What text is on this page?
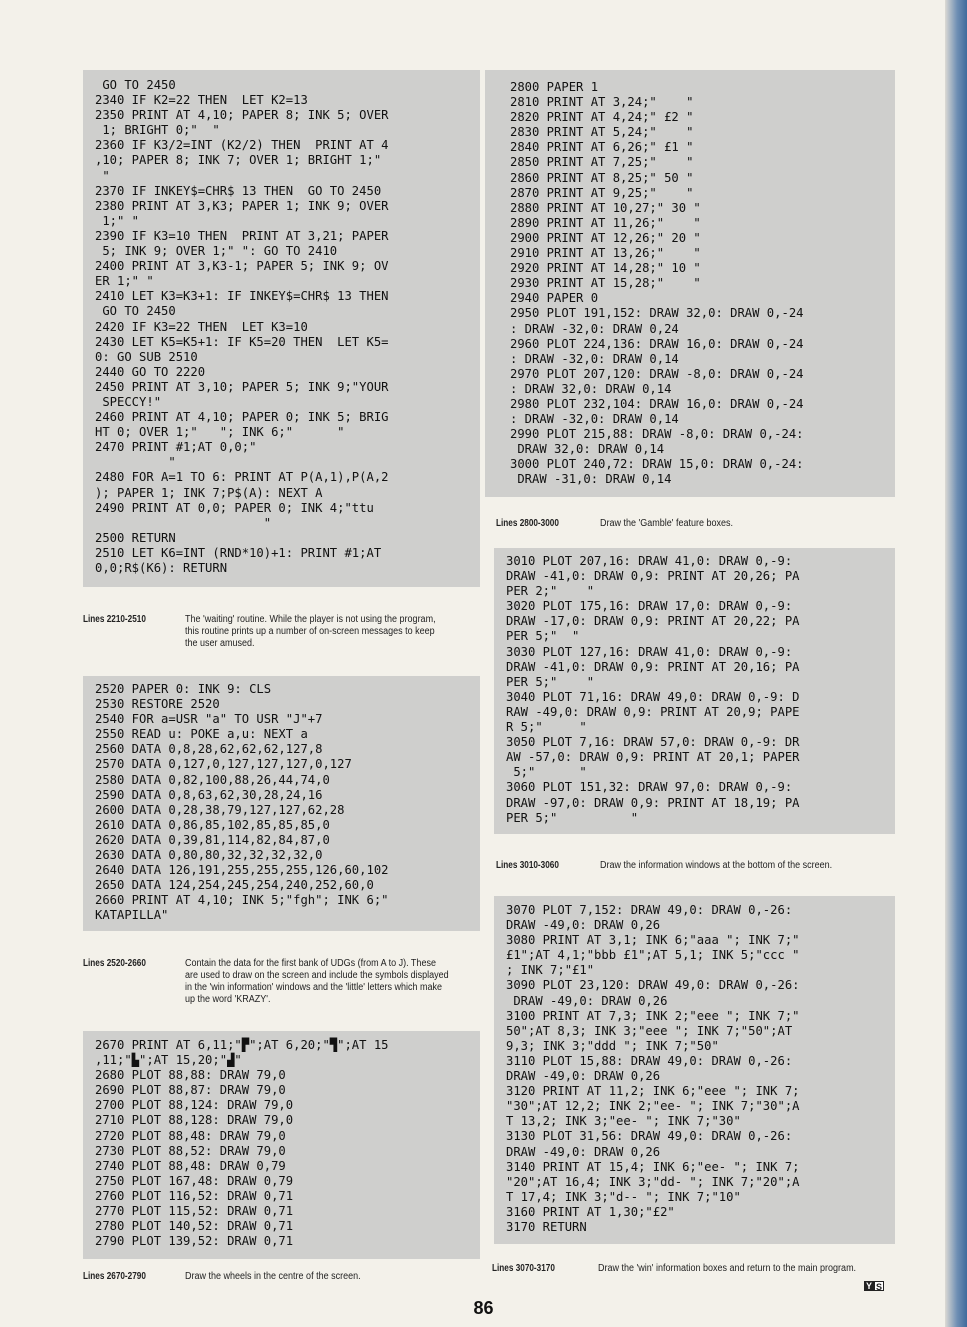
GO TO 2450
2340 IF K2=22 THEN  LET K2=13
2350 PRINT AT 4,10; PAPER 8; INK 5; OVER
1; BRIGHT 0;"  "
2360 IF K3/2=INT (K2/2) THEN  PRINT AT 4
,10; PAPER 8; INK 7; OVER 1; BRIGHT 1;"
"
2370 IF INKEY$=CHR$ 13 THEN  GO TO 2450
2380 PRINT AT 3,K3; PAPER 1; INK 9; OVER
1;" "
2390 IF K3=10 THEN  PRINT AT 3,21; PAPER
5; INK 9; OVER 1;" ": GO TO 2410
2400 PRINT AT 3,K3-1; PAPER 5; INK 9; OV
ER 1;" "
2410 LET K3=K3+1: IF INKEY$=CHR$ 13 THEN
GO TO 2450
2420 IF K3=22 THEN  LET K3=10
2430 LET K5=K5+1: IF K5=20 THEN  LET K5=
0: GO SUB 2510
2440 GO TO 2220
2450 PRINT AT 3,10; PAPER 5; INK 9;"YOUR
SPECCY!"
2460 PRINT AT 4,10; PAPER 0; INK 5; BRIG
HT 0; OVER 1;"   "; INK 6;"      "
2470 PRINT #1;AT 0,0;"
"
2480 FOR A=1 TO 6: PRINT AT P(A,1),P(A,2
); PAPER 1; INK 7;P$(A): NEXT A
2490 PRINT AT 0,0; PAPER 0; INK 4;"ttu
"
2500 RETURN
2510 LET K6=INT (RND*10)+1: PRINT #1;AT
0,0;R$(K6): RETURN
Lines 2210-2510	The 'waiting' routine. While the player is not using the program, this routine prints up a number of on-screen messages to keep the user amused.
2520 PAPER 0: INK 9: CLS
2530 RESTORE 2520
2540 FOR a=USR "a" TO USR "J"+7
2550 READ u: POKE a,u: NEXT a
2560 DATA 0,8,28,62,62,62,127,8
2570 DATA 0,127,0,127,127,127,0,127
2580 DATA 0,82,100,88,26,44,74,0
2590 DATA 0,8,63,62,30,28,24,16
2600 DATA 0,28,38,79,127,127,62,28
2610 DATA 0,86,85,102,85,85,85,0
2620 DATA 0,39,81,114,82,84,87,0
2630 DATA 0,80,80,32,32,32,32,0
2640 DATA 126,191,255,255,255,126,60,102
2650 DATA 124,254,245,254,240,252,60,0
2660 PRINT AT 4,10; INK 5;"fgh"; INK 6;"
KATAPILLA"
Lines 2520-2660	Contain the data for the first bank of UDGs (from A to J). These are used to draw on the screen and include the symbols displayed in the 'win information' windows and the 'little' letters which make up the word 'KRAZY'.
2670 PRINT AT 6,11;"▛";AT 6,20;"▜";AT 15
,11;"▙";AT 15,20;"▟"
2680 PLOT 88,88: DRAW 79,0
2690 PLOT 88,87: DRAW 79,0
2700 PLOT 88,124: DRAW 79,0
2710 PLOT 88,128: DRAW 79,0
2720 PLOT 88,48: DRAW 79,0
2730 PLOT 88,52: DRAW 79,0
2740 PLOT 88,48: DRAW 0,79
2750 PLOT 167,48: DRAW 0,79
2760 PLOT 116,52: DRAW 0,71
2770 PLOT 115,52: DRAW 0,71
2780 PLOT 140,52: DRAW 0,71
2790 PLOT 139,52: DRAW 0,71
Lines 2670-2790	Draw the wheels in the centre of the screen.
2800 PAPER 1
2810 PRINT AT 3,24;"    "
2820 PRINT AT 4,24;" £2 "
2830 PRINT AT 5,24;"    "
2840 PRINT AT 6,26;" £1 "
2850 PRINT AT 7,25;"    "
2860 PRINT AT 8,25;" 50 "
2870 PRINT AT 9,25;"    "
2880 PRINT AT 10,27;" 30 "
2890 PRINT AT 11,26;"    "
2900 PRINT AT 12,26;" 20 "
2910 PRINT AT 13,26;"    "
2920 PRINT AT 14,28;" 10 "
2930 PRINT AT 15,28;"    "
2940 PAPER 0
2950 PLOT 191,152: DRAW 32,0: DRAW 0,-24
: DRAW -32,0: DRAW 0,24
2960 PLOT 224,136: DRAW 16,0: DRAW 0,-24
: DRAW -32,0: DRAW 0,14
2970 PLOT 207,120: DRAW -8,0: DRAW 0,-24
: DRAW 32,0: DRAW 0,14
2980 PLOT 232,104: DRAW 16,0: DRAW 0,-24
: DRAW -32,0: DRAW 0,14
2990 PLOT 215,88: DRAW -8,0: DRAW 0,-24:
DRAW 32,0: DRAW 0,14
3000 PLOT 240,72: DRAW 15,0: DRAW 0,-24:
DRAW -31,0: DRAW 0,14
Lines 2800-3000	Draw the 'Gamble' feature boxes.
3010 PLOT 207,16: DRAW 41,0: DRAW 0,-9:
DRAW -41,0: DRAW 0,9: PRINT AT 20,26; PA
PER 2;"    "
3020 PLOT 175,16: DRAW 17,0: DRAW 0,-9:
DRAW -17,0: DRAW 0,9: PRINT AT 20,22; PA
PER 5;"  "
3030 PLOT 127,16: DRAW 41,0: DRAW 0,-9:
DRAW -41,0: DRAW 0,9: PRINT AT 20,16; PA
PER 5;"    "
3040 PLOT 71,16: DRAW 49,0: DRAW 0,-9: D
RAW -49,0: DRAW 0,9: PRINT AT 20,9; PAPE
R 5;"     "
3050 PLOT 7,16: DRAW 57,0: DRAW 0,-9: DR
AW -57,0: DRAW 0,9: PRINT AT 20,1; PAPER
5;"      "
3060 PLOT 151,32: DRAW 97,0: DRAW 0,-9:
DRAW -97,0: DRAW 0,9: PRINT AT 18,19; PA
PER 5;"          "
Lines 3010-3060	Draw the information windows at the bottom of the screen.
3070 PLOT 7,152: DRAW 49,0: DRAW 0,-26:
DRAW -49,0: DRAW 0,26
3080 PRINT AT 3,1; INK 6;"aaa "; INK 7;"
£1";AT 4,1;"bbb £1";AT 5,1; INK 5;"ccc "
; INK 7;"£1"
3090 PLOT 23,120: DRAW 49,0: DRAW 0,-26:
DRAW -49,0: DRAW 0,26
3100 PRINT AT 7,3; INK 2;"eee "; INK 7;"
50";AT 8,3; INK 3;"eee "; INK 7;"50";AT
9,3; INK 3;"ddd "; INK 7;"50"
3110 PLOT 15,88: DRAW 49,0: DRAW 0,-26:
DRAW -49,0: DRAW 0,26
3120 PRINT AT 11,2; INK 6;"eee "; INK 7;
"30";AT 12,2; INK 2;"ee- "; INK 7;"30";A
T 13,2; INK 3;"ee- "; INK 7;"30"
3130 PLOT 31,56: DRAW 49,0: DRAW 0,-26:
DRAW -49,0: DRAW 0,26
3140 PRINT AT 15,4; INK 6;"ee- "; INK 7;
"20";AT 16,4; INK 3;"dd- "; INK 7;"20";A
T 17,4; INK 3;"d-- "; INK 7;"10"
3160 PRINT AT 1,30;"£2"
3170 RETURN
Lines 3070-3170	Draw the 'win' information boxes and return to the main program.
Y S
86
